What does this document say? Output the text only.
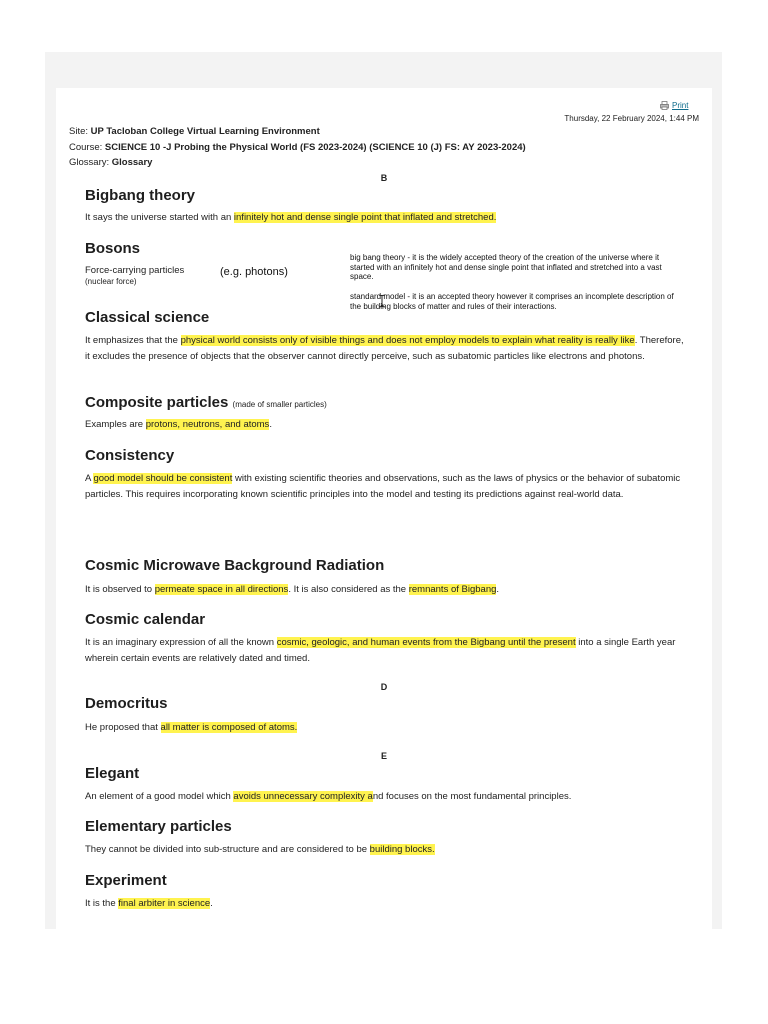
Print
Thursday, 22 February 2024, 1:44 PM
Site: UP Tacloban College Virtual Learning Environment
Course: SCIENCE 10 -J Probing the Physical World (FS 2023-2024) (SCIENCE 10 (J) FS: AY 2023-2024)
Glossary: Glossary
B
Bigbang theory
It says the universe started with an infinitely hot and dense single point that inflated and stretched.
Bosons
Force-carrying particles
(nuclear force)
(e.g. photons)
big bang theory - it is the widely accepted theory of the creation of the universe where it started with an infinitely hot and dense single point that inflated and stretched into a vast space.
standard model - it is an accepted theory however it comprises an incomplete description of the building blocks of matter and rules of their interactions.
Classical science
It emphasizes that the physical world consists only of visible things and does not employ models to explain what reality is really like. Therefore, it excludes the presence of objects that the observer cannot directly perceive, such as subatomic particles like electrons and photons.
Composite particles (made of smaller particles)
Examples are protons, neutrons, and atoms.
Consistency
A good model should be consistent with existing scientific theories and observations, such as the laws of physics or the behavior of subatomic particles. This requires incorporating known scientific principles into the model and testing its predictions against real-world data.
Cosmic Microwave Background Radiation
It is observed to permeate space in all directions. It is also considered as the remnants of Bigbang.
Cosmic calendar
It is an imaginary expression of all the known cosmic, geologic, and human events from the Bigbang until the present into a single Earth year wherein certain events are relatively dated and timed.
D
Democritus
He proposed that all matter is composed of atoms.
E
Elegant
An element of a good model which avoids unnecessary complexity and focuses on the most fundamental principles.
Elementary particles
They cannot be divided into sub-structure and are considered to be building blocks.
Experiment
It is the final arbiter in science.
